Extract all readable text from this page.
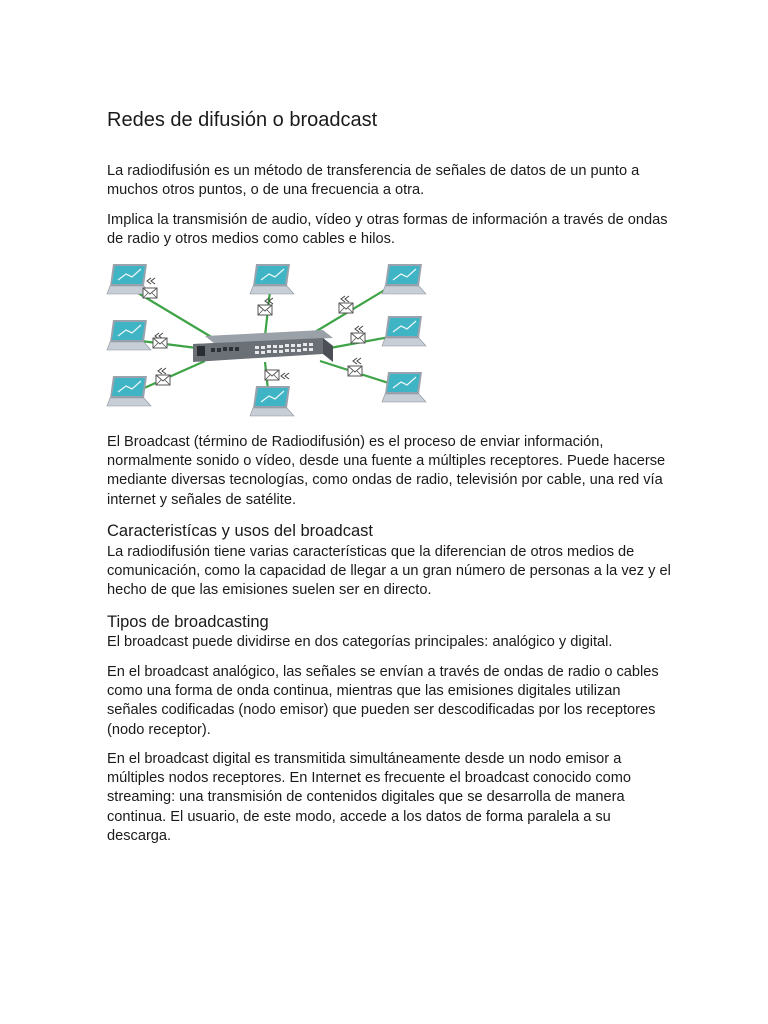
Redes de difusión o broadcast

La radiodifusión es un método de transferencia de señales de datos de un punto a muchos otros puntos, o de una frecuencia a otra.

Implica la transmisión de audio, vídeo y otras formas de información a través de ondas de radio y otros medios como cables e hilos.

El Broadcast (término de Radiodifusión) es el proceso de enviar información, normalmente sonido o vídeo, desde una fuente a múltiples receptores. Puede hacerse mediante diversas tecnologías, como ondas de radio, televisión por cable, una red vía internet y señales de satélite.

Caracteristícas y usos del broadcast

La radiodifusión tiene varias características que la diferencian de otros medios de comunicación, como la capacidad de llegar a un gran número de personas a la vez y el hecho de que las emisiones suelen ser en directo.

Tipos de broadcasting

El broadcast puede dividirse en dos categorías principales: analógico y digital.

En el broadcast analógico, las señales se envían a través de ondas de radio o cables como una forma de onda continua, mientras que las emisiones digitales utilizan señales codificadas (nodo emisor) que pueden ser descodificadas por los receptores (nodo receptor).

En el broadcast digital es transmitida simultáneamente desde un nodo emisor a múltiples nodos receptores. En Internet es frecuente el broadcast conocido como streaming: una transmisión de contenidos digitales que se desarrolla de manera continua. El usuario, de este modo, accede a los datos de forma paralela a su descarga.
